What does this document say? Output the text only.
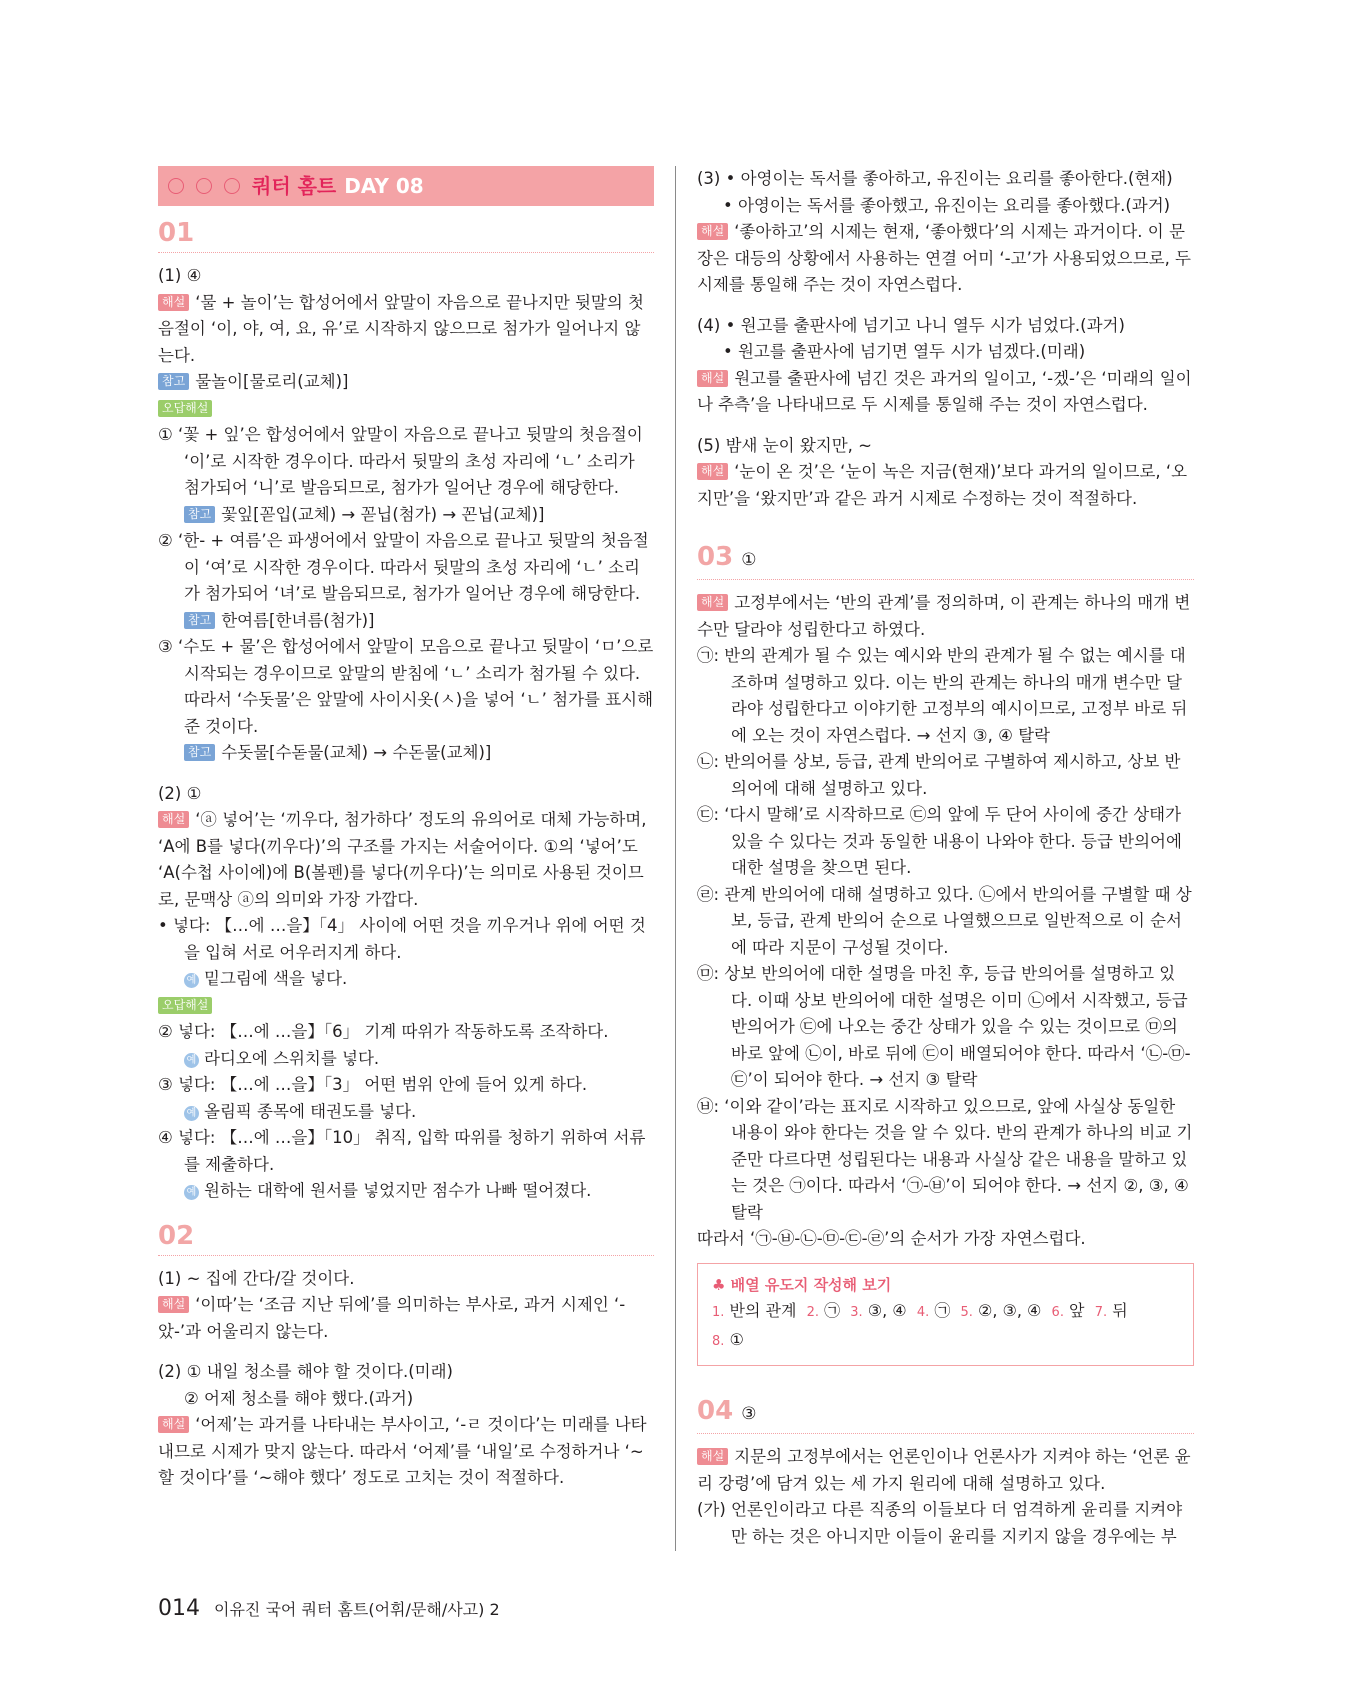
쿼터 홈트 DAY 08
01

(1) ④

해설 ‘물 + 놀이’는 합성어에서 앞말이 자음으로 끝나지만 뒷말의 첫음절이 ‘이, 야, 여, 요, 유’로 시작하지 않으므로 첨가가 일어나지 않는다.

참고 물놀이[물로리(교체)]

오답해설

① ‘꽃 + 잎’은 합성어에서 앞말이 자음으로 끝나고 뒷말의 첫음절이 ‘이’로 시작한 경우이다. 따라서 뒷말의 초성 자리에 ‘ㄴ’ 소리가 첨가되어 ‘니’로 발음되므로, 첨가가 일어난 경우에 해당한다.

참고 꽃잎[꼳입(교체) → 꼳닙(첨가) → 꼰닙(교체)]

② ‘한- + 여름’은 파생어에서 앞말이 자음으로 끝나고 뒷말의 첫음절이 ‘여’로 시작한 경우이다. 따라서 뒷말의 초성 자리에 ‘ㄴ’ 소리가 첨가되어 ‘녀’로 발음되므로, 첨가가 일어난 경우에 해당한다.

참고 한여름[한녀름(첨가)]

③ ‘수도 + 물’은 합성어에서 앞말이 모음으로 끝나고 뒷말이 ‘ㅁ’으로 시작되는 경우이므로 앞말의 받침에 ‘ㄴ’ 소리가 첨가될 수 있다. 따라서 ‘수돗물’은 앞말에 사이시옷(ㅅ)을 넣어 ‘ㄴ’ 첨가를 표시해 준 것이다.

참고 수돗물[수돋물(교체) → 수돈물(교체)]

(2) ①

해설 ‘ⓐ 넣어’는 ‘끼우다, 첨가하다’ 정도의 유의어로 대체 가능하며, ‘A에 B를 넣다(끼우다)’의 구조를 가지는 서술어이다. ①의 ‘넣어’도 ‘A(수첩 사이에)에 B(볼펜)를 넣다(끼우다)’는 의미로 사용된 것이므로, 문맥상 ⓐ의 의미와 가장 가깝다.

• 넣다: 【…에 …을】「4」 사이에 어떤 것을 끼우거나 위에 어떤 것을 입혀 서로 어우러지게 하다.

예 밑그림에 색을 넣다.

오답해설

② 넣다: 【…에 …을】「6」 기계 따위가 작동하도록 조작하다.

예 라디오에 스위치를 넣다.

③ 넣다: 【…에 …을】「3」 어떤 범위 안에 들어 있게 하다.

예 올림픽 종목에 태권도를 넣다.

④ 넣다: 【…에 …을】「10」 취직, 입학 따위를 청하기 위하여 서류를 제출하다.

예 원하는 대학에 원서를 넣었지만 점수가 나빠 떨어졌다.

02

(1) ~ 집에 간다/갈 것이다.

해설 ‘이따’는 ‘조금 지난 뒤에’를 의미하는 부사로, 과거 시제인 ‘-았-’과 어울리지 않는다.

(2) ① 내일 청소를 해야 할 것이다.(미래)

② 어제 청소를 해야 했다.(과거)

해설 ‘어제’는 과거를 나타내는 부사이고, ‘-ㄹ 것이다’는 미래를 나타내므로 시제가 맞지 않는다. 따라서 ‘어제’를 ‘내일’로 수정하거나 ‘~할 것이다’를 ‘~해야 했다’ 정도로 고치는 것이 적절하다.

(3) • 아영이는 독서를 좋아하고, 유진이는 요리를 좋아한다.(현재)

• 아영이는 독서를 좋아했고, 유진이는 요리를 좋아했다.(과거)

해설 ‘좋아하고’의 시제는 현재, ‘좋아했다’의 시제는 과거이다. 이 문장은 대등의 상황에서 사용하는 연결 어미 ‘-고’가 사용되었으므로, 두 시제를 통일해 주는 것이 자연스럽다.

(4) • 원고를 출판사에 넘기고 나니 열두 시가 넘었다.(과거)

• 원고를 출판사에 넘기면 열두 시가 넘겠다.(미래)

해설 원고를 출판사에 넘긴 것은 과거의 일이고, ‘-겠-’은 ‘미래의 일이나 추측’을 나타내므로 두 시제를 통일해 주는 것이 자연스럽다.

(5) 밤새 눈이 왔지만, ~

해설 ‘눈이 온 것’은 ‘눈이 녹은 지금(현재)’보다 과거의 일이므로, ‘오지만’을 ‘왔지만’과 같은 과거 시제로 수정하는 것이 적절하다.

03 ①

해설 고정부에서는 ‘반의 관계’를 정의하며, 이 관계는 하나의 매개 변수만 달라야 성립한다고 하였다.

㉠: 반의 관계가 될 수 있는 예시와 반의 관계가 될 수 없는 예시를 대조하며 설명하고 있다. 이는 반의 관계는 하나의 매개 변수만 달라야 성립한다고 이야기한 고정부의 예시이므로, 고정부 바로 뒤에 오는 것이 자연스럽다. → 선지 ③, ④ 탈락

㉡: 반의어를 상보, 등급, 관계 반의어로 구별하여 제시하고, 상보 반의어에 대해 설명하고 있다.

㉢: ‘다시 말해’로 시작하므로 ㉢의 앞에 두 단어 사이에 중간 상태가 있을 수 있다는 것과 동일한 내용이 나와야 한다. 등급 반의어에 대한 설명을 찾으면 된다.

㉣: 관계 반의어에 대해 설명하고 있다. ㉡에서 반의어를 구별할 때 상보, 등급, 관계 반의어 순으로 나열했으므로 일반적으로 이 순서에 따라 지문이 구성될 것이다.

㉤: 상보 반의어에 대한 설명을 마친 후, 등급 반의어를 설명하고 있다. 이때 상보 반의어에 대한 설명은 이미 ㉡에서 시작했고, 등급 반의어가 ㉢에 나오는 중간 상태가 있을 수 있는 것이므로 ㉤의 바로 앞에 ㉡이, 바로 뒤에 ㉢이 배열되어야 한다. 따라서 ‘㉡-㉤-㉢’이 되어야 한다. → 선지 ③ 탈락

㉥: ‘이와 같이’라는 표지로 시작하고 있으므로, 앞에 사실상 동일한 내용이 와야 한다는 것을 알 수 있다. 반의 관계가 하나의 비교 기준만 다르다면 성립된다는 내용과 사실상 같은 내용을 말하고 있는 것은 ㉠이다. 따라서 ‘㉠-㉥’이 되어야 한다. → 선지 ②, ③, ④ 탈락

따라서 ‘㉠-㉥-㉡-㉤-㉢-㉣’의 순서가 가장 자연스럽다.

♣ 배열 유도지 작성해 보기
1. 반의 관계 2. ㉠ 3. ③, ④ 4. ㉠ 5. ②, ③, ④ 6. 앞 7. 뒤
8. ①
04 ③

해설 지문의 고정부에서는 언론인이나 언론사가 지켜야 하는 ‘언론 윤리 강령’에 담겨 있는 세 가지 원리에 대해 설명하고 있다.

(가) 언론인이라고 다른 직종의 이들보다 더 엄격하게 윤리를 지켜야만 하는 것은 아니지만 이들이 윤리를 지키지 않을 경우에는 부

014 이유진 국어 쿼터 홈트(어휘/문해/사고) 2
